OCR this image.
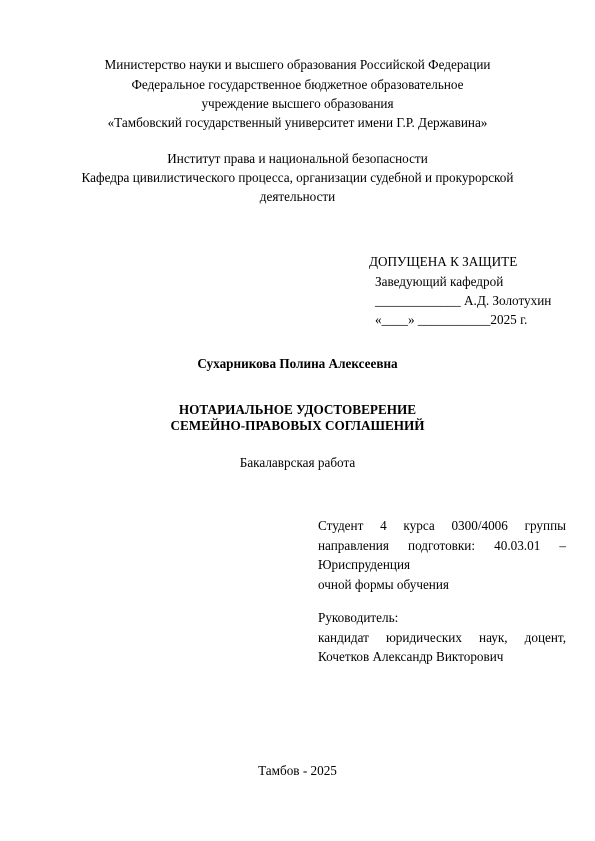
Министерство науки и высшего образования Российской Федерации
Федеральное государственное бюджетное образовательное
учреждение высшего образования
«Тамбовский государственный университет имени Г.Р. Державина»
Институт права и национальной безопасности
Кафедра цивилистического процесса, организации судебной и прокурорской
деятельности
ДОПУЩЕНА К ЗАЩИТЕ
Заведующий кафедрой
_____________ А.Д. Золотухин
«____» ___________2025 г.
Сухарникова Полина Алексеевна
НОТАРИАЛЬНОЕ УДОСТОВЕРЕНИЕ
СЕМЕЙНО-ПРАВОВЫХ СОГЛАШЕНИЙ
Бакалаврская работа
Студент 4 курса 0300/4006 группы
направления подготовки: 40.03.01 –
Юриспруденция
очной формы обучения
Руководитель:
кандидат юридических наук, доцент,
Кочетков Александр Викторович
Тамбов - 2025
